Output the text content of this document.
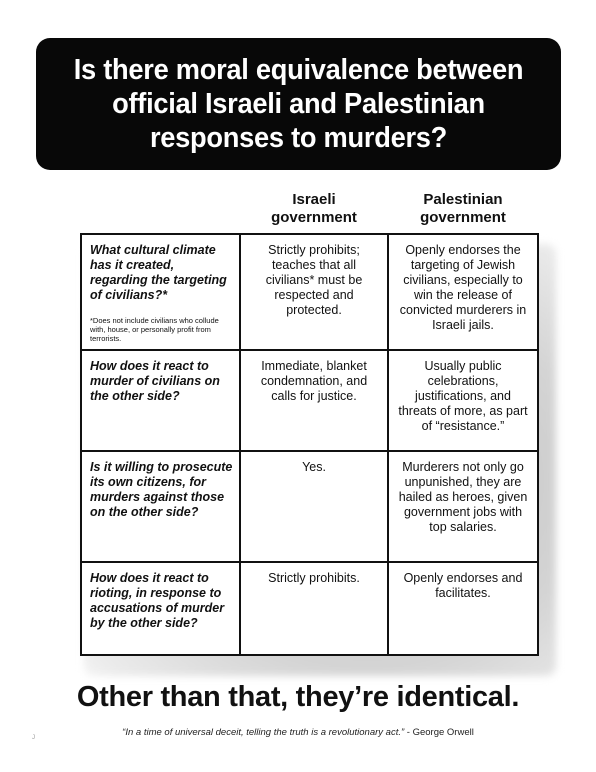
Is there moral equivalence between official Israeli and Palestinian responses to murders?
Israeli
government
Palestinian
government
What cultural climate has it created, regarding the targeting of civilians?*
*Does not include civilians who collude with, house, or personally profit from terrorists.
Strictly prohibits; teaches that all civilians* must be respected and protected.
Openly endorses the targeting of Jewish civilians, especially to win the release of convicted murderers in Israeli jails.
How does it react to murder of civilians on the other side?
Immediate, blanket condemnation, and calls for justice.
Usually public celebrations, justifications, and threats of more, as part of “resistance.”
Is it willing to prosecute its own citizens, for murders against those on the other side?
Yes.	Murderers not only go unpunished, they are hailed as heroes, given government jobs with top salaries.
How does it react to rioting, in response to accusations of murder by the other side?
Strictly prohibits.	Openly endorses and facilitates.
Other than that, they’re identical.
“In a time of universal deceit, telling the truth is a revolutionary act.” - George Orwell
J
